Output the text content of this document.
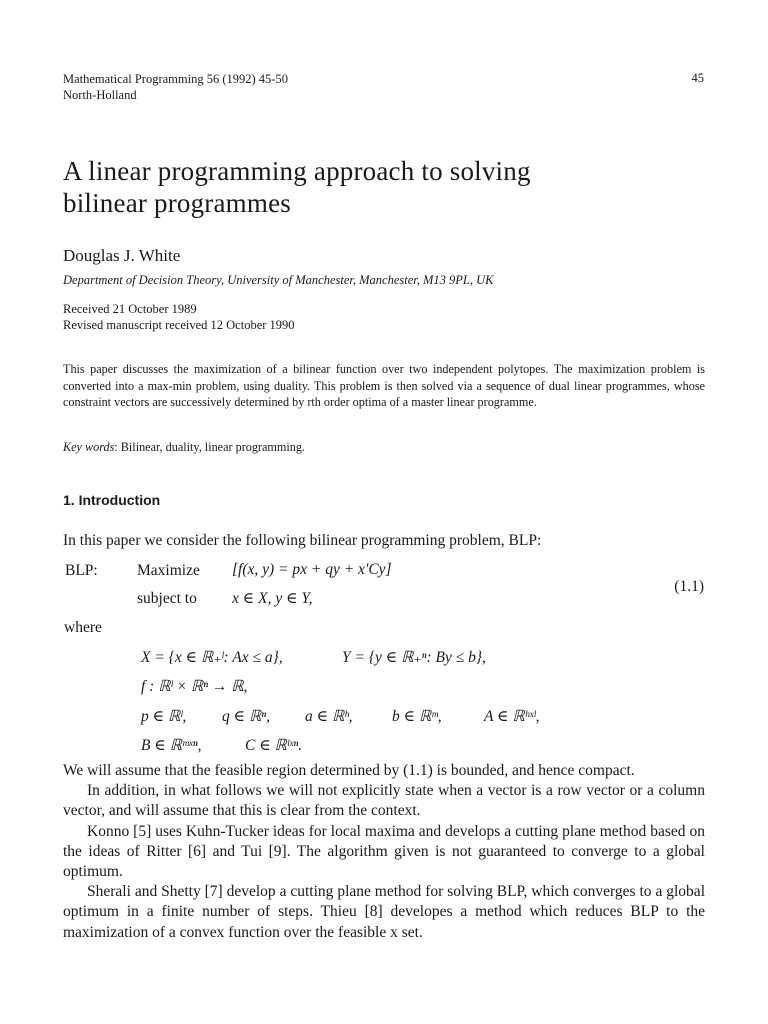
Mathematical Programming 56 (1992) 45-50
North-Holland
45
A linear programming approach to solving
bilinear programmes
Douglas J. White
Department of Decision Theory, University of Manchester, Manchester, M13 9PL, UK
Received 21 October 1989
Revised manuscript received 12 October 1990
This paper discusses the maximization of a bilinear function over two independent polytopes. The maximization problem is converted into a max-min problem, using duality. This problem is then solved via a sequence of dual linear programmes, whose constraint vectors are successively determined by rth order optima of a master linear programme.
Key words: Bilinear, duality, linear programming.
1. Introduction
In this paper we consider the following bilinear programming problem, BLP:
BLP:	Maximize [f(x, y) = px + qy + x′Cy]
(1.1)
subject to x ∈ X, y ∈ Y,
where
X = {x ∈ ℝ₊ˡ: Ax ≤ a},	Y = {y ∈ ℝ₊ⁿ: By ≤ b},
f : ℝˡ × ℝⁿ → ℝ,
p ∈ ℝˡ, q ∈ ℝⁿ, a ∈ ℝʰ,	b ∈ ℝᵐ,	A ∈ ℝʰˣˡ,
B ∈ ℝᵐˣⁿ,	C ∈ ℝˡˣⁿ.

We will assume that the feasible region determined by (1.1) is bounded, and hence compact.

In addition, in what follows we will not explicitly state when a vector is a row vector or a column vector, and will assume that this is clear from the context.

Konno [5] uses Kuhn-Tucker ideas for local maxima and develops a cutting plane method based on the ideas of Ritter [6] and Tui [9]. The algorithm given is not guaranteed to converge to a global optimum.

Sherali and Shetty [7] develop a cutting plane method for solving BLP, which converges to a global optimum in a finite number of steps. Thieu [8] developes a method which reduces BLP to the maximization of a convex function over the feasible x set.
